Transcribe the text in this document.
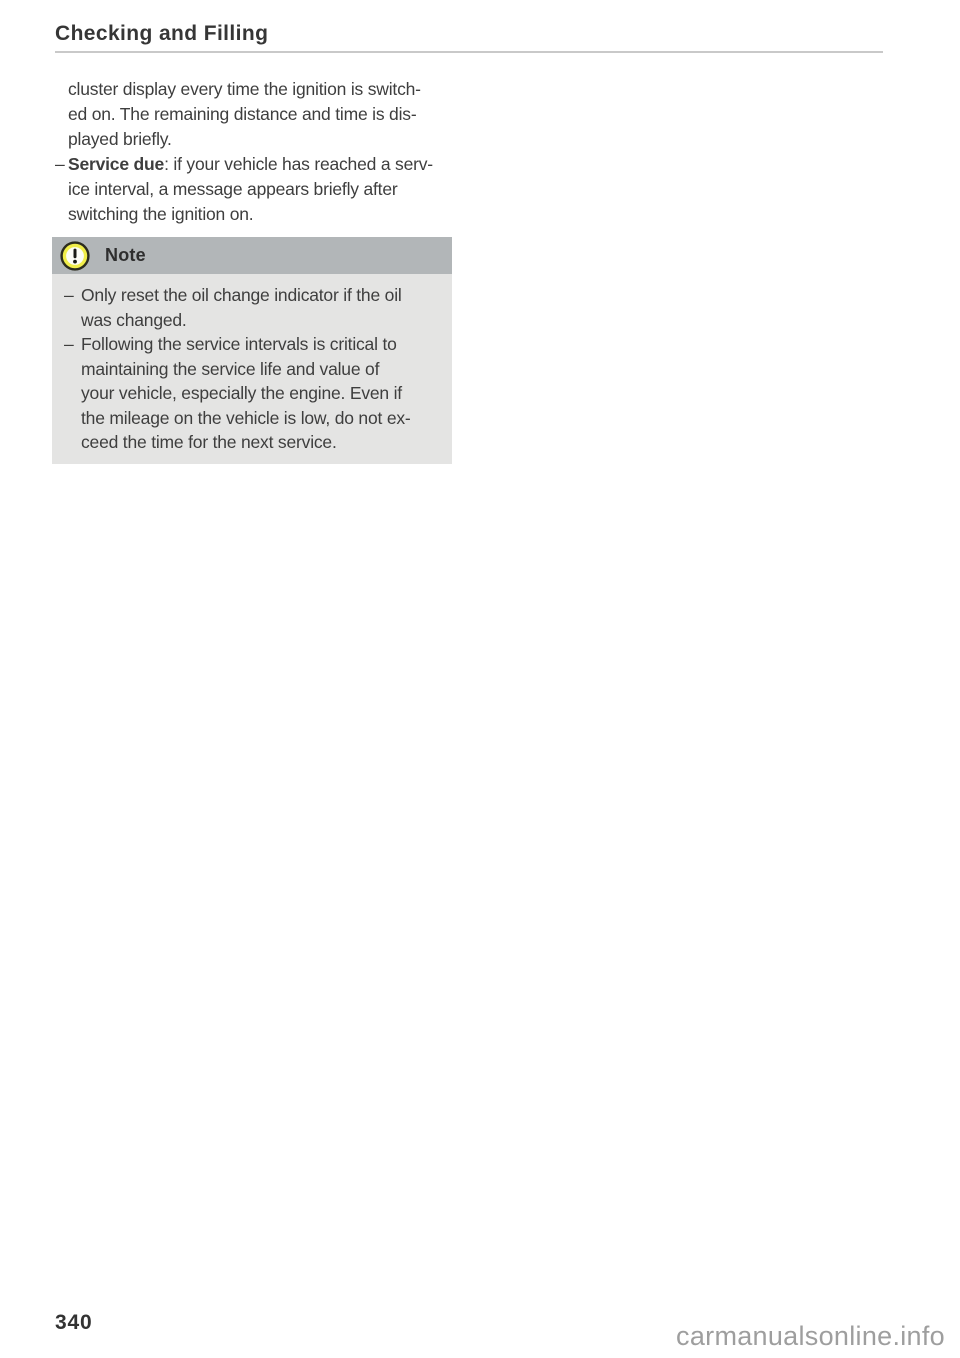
Checking and Filling
cluster display every time the ignition is switch-
ed on. The remaining distance and time is dis-
played briefly.
– Service due: if your vehicle has reached a serv-
ice interval, a message appears briefly after
switching the ignition on.
Note
– Only reset the oil change indicator if the oil
was changed.
– Following the service intervals is critical to
maintaining the service life and value of
your vehicle, especially the engine. Even if
the mileage on the vehicle is low, do not ex-
ceed the time for the next service.
340	carmanualsonline.info
